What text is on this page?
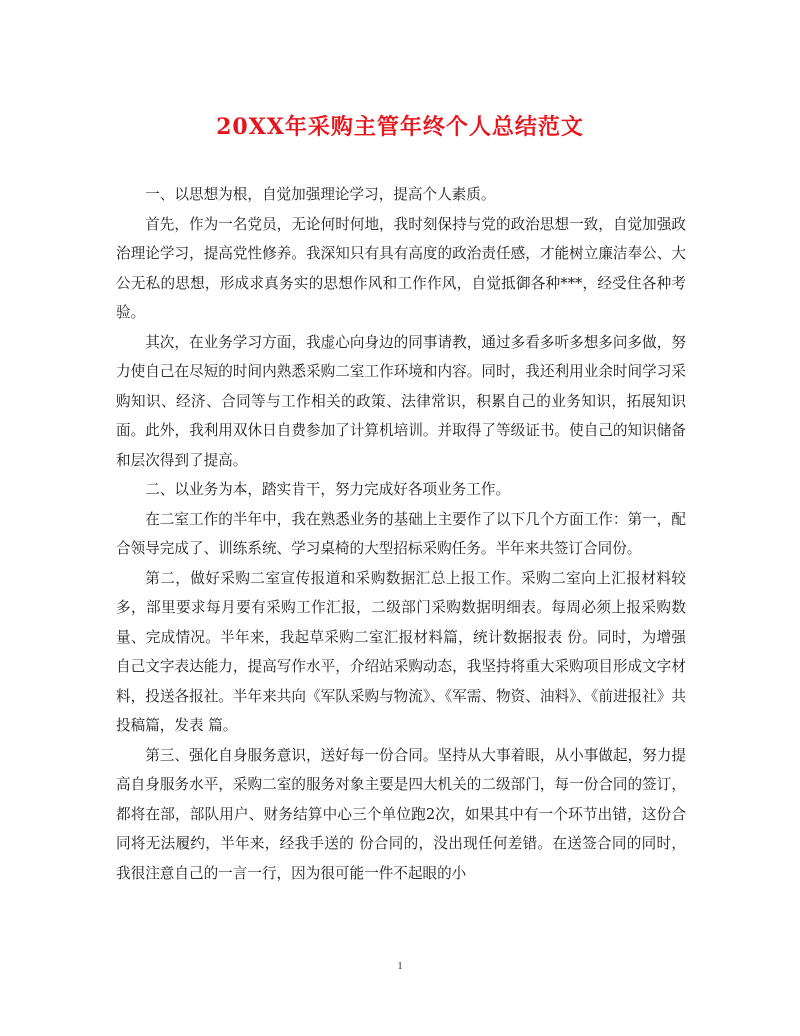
20XX年采购主管年终个人总结范文

一、以思想为根，自觉加强理论学习，提高个人素质。

首先，作为一名党员，无论何时何地，我时刻保持与党的政治思想一致，自觉加强政治理论学习，提高党性修养。我深知只有具有高度的政治责任感，才能树立廉洁奉公、大公无私的思想，形成求真务实的思想作风和工作作风，自觉抵御各种***，经受住各种考验。

其次，在业务学习方面，我虚心向身边的同事请教，通过多看多听多想多问多做，努力使自己在尽短的时间内熟悉采购二室工作环境和内容。同时，我还利用业余时间学习采购知识、经济、合同等与工作相关的政策、法律常识，积累自己的业务知识，拓展知识面。此外，我利用双休日自费参加了计算机培训。并取得了等级证书。使自己的知识储备和层次得到了提高。

二、以业务为本，踏实肯干，努力完成好各项业务工作。

在二室工作的半年中，我在熟悉业务的基础上主要作了以下几个方面工作：第一，配合领导完成了、训练系统、学习桌椅的大型招标采购任务。半年来共签订合同份。

第二，做好采购二室宣传报道和采购数据汇总上报工作。采购二室向上汇报材料较多，部里要求每月要有采购工作汇报，二级部门采购数据明细表。每周必须上报采购数量、完成情况。半年来，我起草采购二室汇报材料篇，统计数据报表 份。同时，为增强自己文字表达能力，提高写作水平，介绍站采购动态，我坚持将重大采购项目形成文字材料，投送各报社。半年来共向《军队采购与物流》、《军需、物资、油料》、《前进报社》共投稿篇，发表 篇。

第三、强化自身服务意识，送好每一份合同。坚持从大事着眼，从小事做起，努力提高自身服务水平，采购二室的服务对象主要是四大机关的二级部门，每一份合同的签订，都将在部，部队用户、财务结算中心三个单位跑2次，如果其中有一个环节出错，这份合同将无法履约，半年来，经我手送的 份合同的，没出现任何差错。在送签合同的同时，我很注意自己的一言一行，因为很可能一件不起眼的小

1
